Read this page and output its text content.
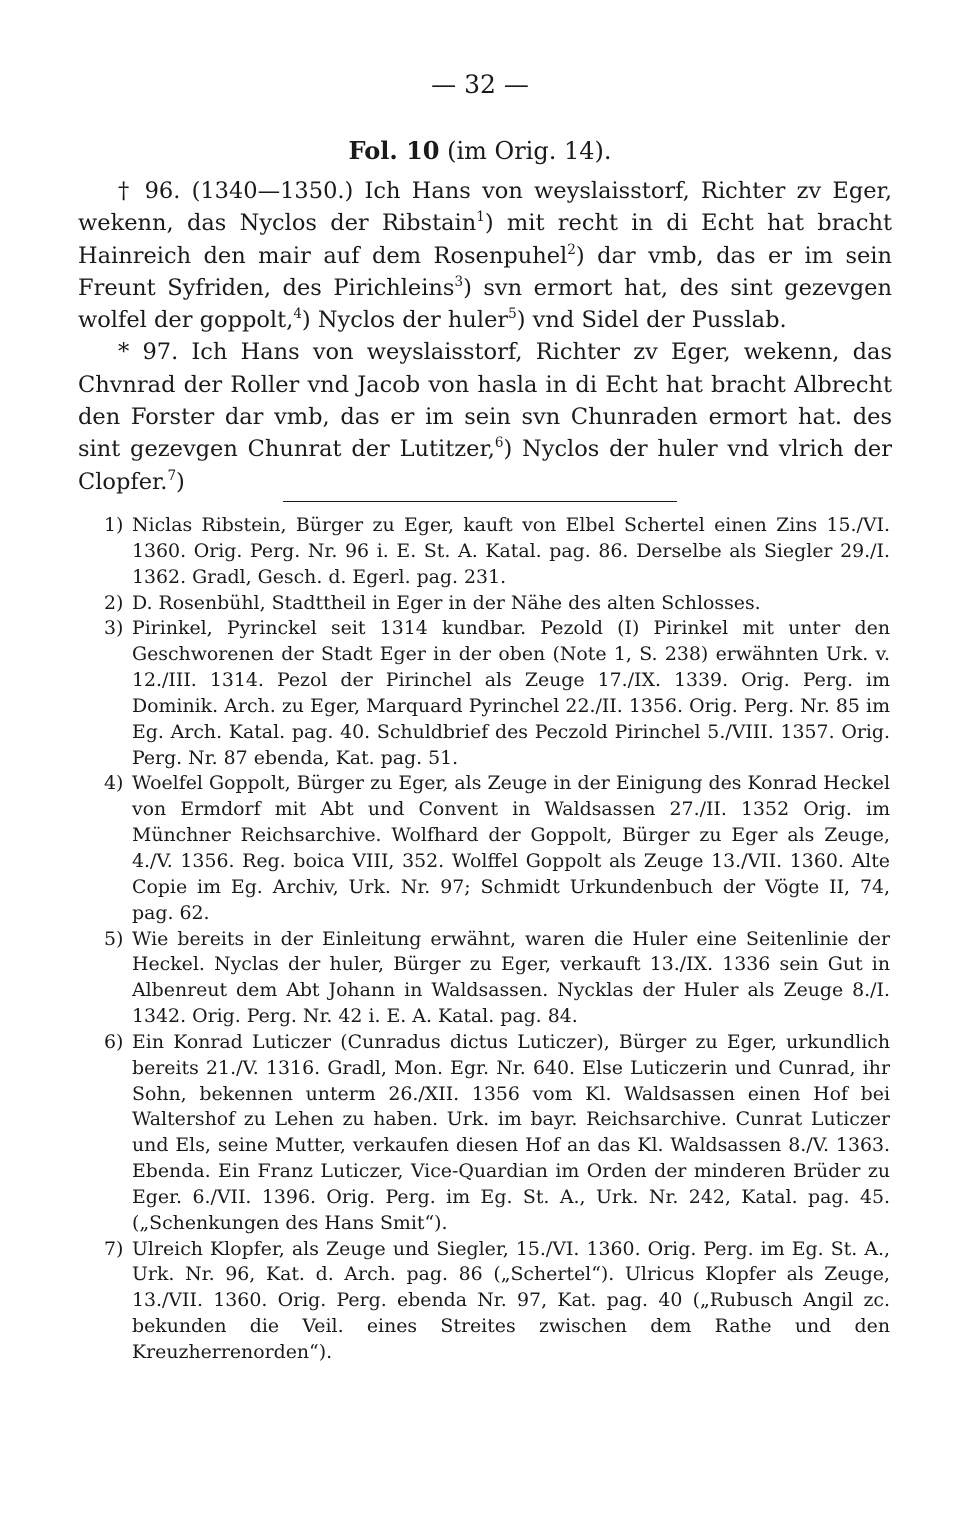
— 32 —
Fol. 10 (im Orig. 14).

† 96. (1340—1350.) Ich Hans von weyslaisstorf, Richter zv Eger, wekenn, das Nyclos der Ribstain$^1$) mit recht in di Echt hat bracht Hainreich den mair auf dem Rosenpuhel$^2$) dar vmb, das er im sein Freunt Syfriden, des Pirichleins$^3$) svn ermort hat, des sint gezevgen wolfel der goppolt,$^4$) Nyclos der huler$^5$) vnd Sidel der Pusslab.

* 97. Ich Hans von weyslaisstorf, Richter zv Eger, wekenn, das Chvnrad der Roller vnd Jacob von hasla in di Echt hat bracht Albrecht den Forster dar vmb, das er im sein svn Chunraden ermort hat. des sint gezevgen Chunrat der Lutitzer,$^6$) Nyclos der huler vnd vlrich der Clopfer.$^7$)

1) Niclas Ribstein, Bürger zu Eger, kauft von Elbel Schertel einen Zins 15./VI. 1360. Orig. Perg. Nr. 96 i. E. St. A. Katal. pag. 86. Derselbe als Siegler 29./I. 1362. Gradl, Gesch. d. Egerl. pag. 231.
2) D. Rosenbühl, Stadttheil in Eger in der Nähe des alten Schlosses.
3) Pirinkel, Pyrinckel seit 1314 kundbar. Pezold (I) Pirinkel mit unter den Geschworenen der Stadt Eger in der oben (Note 1, S. 238) erwähnten Urk. v. 12./III. 1314. Pezol der Pirinchel als Zeuge 17./IX. 1339. Orig. Perg. im Dominik. Arch. zu Eger, Marquard Pyrinchel 22./II. 1356. Orig. Perg. Nr. 85 im Eg. Arch. Katal. pag. 40. Schuldbrief des Peczold Pirinchel 5./VIII. 1357. Orig. Perg. Nr. 87 ebenda, Kat. pag. 51.
4) Woelfel Goppolt, Bürger zu Eger, als Zeuge in der Einigung des Konrad Heckel von Ermdorf mit Abt und Convent in Waldsassen 27./II. 1352 Orig. im Münchner Reichsarchive. Wolfhard der Goppolt, Bürger zu Eger als Zeuge, 4./V. 1356. Reg. boica VIII, 352. Wolffel Goppolt als Zeuge 13./VII. 1360. Alte Copie im Eg. Archiv, Urk. Nr. 97; Schmidt Urkundenbuch der Vögte II, 74, pag. 62.
5) Wie bereits in der Einleitung erwähnt, waren die Huler eine Seitenlinie der Heckel. Nyclas der huler, Bürger zu Eger, verkauft 13./IX. 1336 sein Gut in Albenreut dem Abt Johann in Waldsassen. Nycklas der Huler als Zeuge 8./I. 1342. Orig. Perg. Nr. 42 i. E. A. Katal. pag. 84.
6) Ein Konrad Luticzer (Cunradus dictus Luticzer), Bürger zu Eger, urkundlich bereits 21./V. 1316. Gradl, Mon. Egr. Nr. 640. Else Luticzerin und Cunrad, ihr Sohn, bekennen unterm 26./XII. 1356 vom Kl. Waldsassen einen Hof bei Waltershof zu Lehen zu haben. Urk. im bayr. Reichsarchive. Cunrat Luticzer und Els, seine Mutter, verkaufen diesen Hof an das Kl. Waldsassen 8./V. 1363. Ebenda. Ein Franz Luticzer, Vice-Quardian im Orden der minderen Brüder zu Eger. 6./VII. 1396. Orig. Perg. im Eg. St. A., Urk. Nr. 242, Katal. pag. 45. („Schenkungen des Hans Smit“).
7) Ulreich Klopfer, als Zeuge und Siegler, 15./VI. 1360. Orig. Perg. im Eg. St. A., Urk. Nr. 96, Kat. d. Arch. pag. 86 („Schertel“). Ulricus Klopfer als Zeuge, 13./VII. 1360. Orig. Perg. ebenda Nr. 97, Kat. pag. 40 („Rubusch Angil zc. bekunden die Veil. eines Streites zwischen dem Rathe und den Kreuzherrenorden“).
